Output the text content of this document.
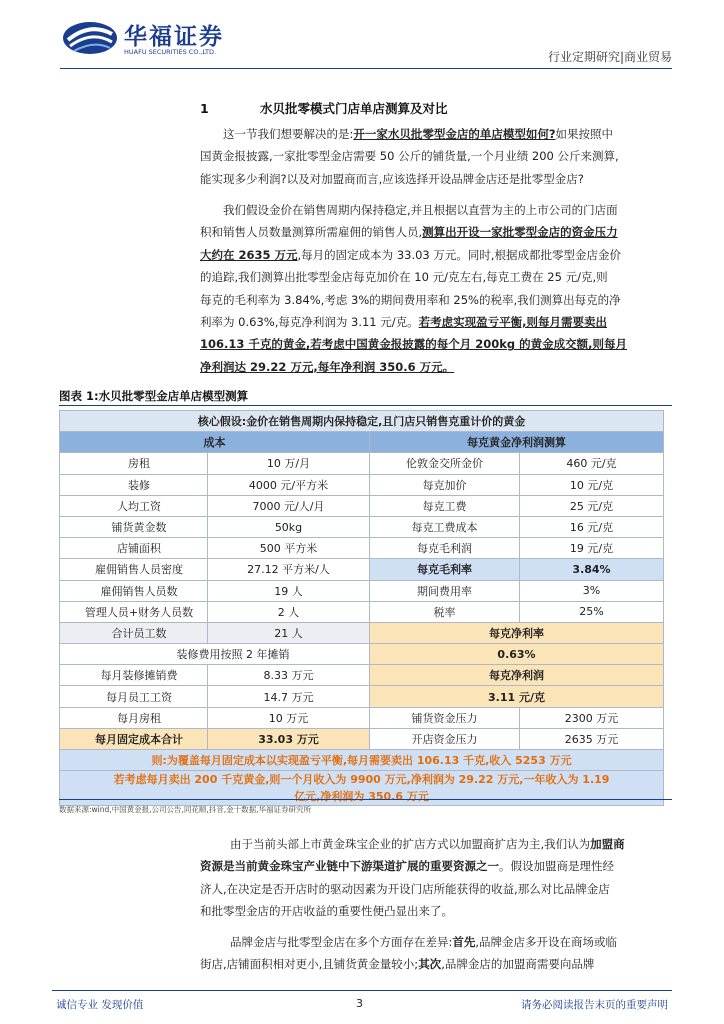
华福证券
HUAFU SECURITIES CO.,LTD.	行业定期研究|商业贸易
1	水贝批零模式门店单店测算及对比
这一节我们想要解决的是:开一家水贝批零型金店的单店模型如何?如果按照中
国黄金报披露,一家批零型金店需要 50 公斤的铺货量,一个月业绩 200 公斤来测算,
能实现多少利润?以及对加盟商而言,应该选择开设品牌金店还是批零型金店?
我们假设金价在销售周期内保持稳定,并且根据以直营为主的上市公司的门店面
积和销售人员数量测算所需雇佣的销售人员,测算出开设一家批零型金店的资金压力
大约在 2635 万元,每月的固定成本为 33.03 万元。同时,根据成都批零型金店金价
的追踪,我们测算出批零型金店每克加价在 10 元/克左右,每克工费在 25 元/克,则
每克的毛利率为 3.84%,考虑 3%的期间费用率和 25%的税率,我们测算出每克的净
利率为 0.63%,每克净利润为 3.11 元/克。若考虑实现盈亏平衡,则每月需要卖出
106.13 千克的黄金,若考虑中国黄金报披露的每个月 200kg 的黄金成交额,则每月
净利润达 29.22 万元,每年净利润 350.6 万元。
图表 1:水贝批零型金店单店模型测算
核心假设:金价在销售周期内保持稳定,且门店只销售克重计价的黄金			
成本		每克黄金净利润测算	
房租	10 万/月	伦敦金交所金价	460 元/克
装修	4000 元/平方米	每克加价	10 元/克
人均工资	7000 元/人/月	每克工费	25 元/克
铺货黄金数	50kg	每克工费成本	16 元/克
店铺面积	500 平方米	每克毛利润	19 元/克
雇佣销售人员密度	27.12 平方米/人	每克毛利率	3.84%
雇佣销售人员数	19 人	期间费用率	3%
管理人员+财务人员数	2 人	税率	25%
合计员工数	21 人	每克净利率	
装修费用按照 2 年摊销		0.63%	
每月装修摊销费	8.33 万元	每克净利润	
每月员工工资	14.7 万元	3.11 元/克	
每月房租	10 万元	铺货资金压力	2300 万元
每月固定成本合计	33.03 万元	开店资金压力	2635 万元
则:为覆盖每月固定成本以实现盈亏平衡,每月需要卖出 106.13 千克,收入 5253 万元			
若考虑每月卖出 200 千克黄金,则一个月收入为 9900 万元,净利润为 29.22 万元,一年收入为 1.19
亿元,净利润为 350.6 万元			
数据来源:wind,中国黄金报,公司公告,同花顺,抖音,金十数据,华福证券研究所
由于当前头部上市黄金珠宝企业的扩店方式以加盟商扩店为主,我们认为加盟商
资源是当前黄金珠宝产业链中下游渠道扩展的重要资源之一。假设加盟商是理性经
济人,在决定是否开店时的驱动因素为开设门店所能获得的收益,那么对比品牌金店
和批零型金店的开店收益的重要性便凸显出来了。
品牌金店与批零型金店在多个方面存在差异:首先,品牌金店多开设在商场或临
街店,店铺面积相对更小,且铺货黄金量较小;其次,品牌金店的加盟商需要向品牌
诚信专业 发现价值	3	请务必阅读报告末页的重要声明
